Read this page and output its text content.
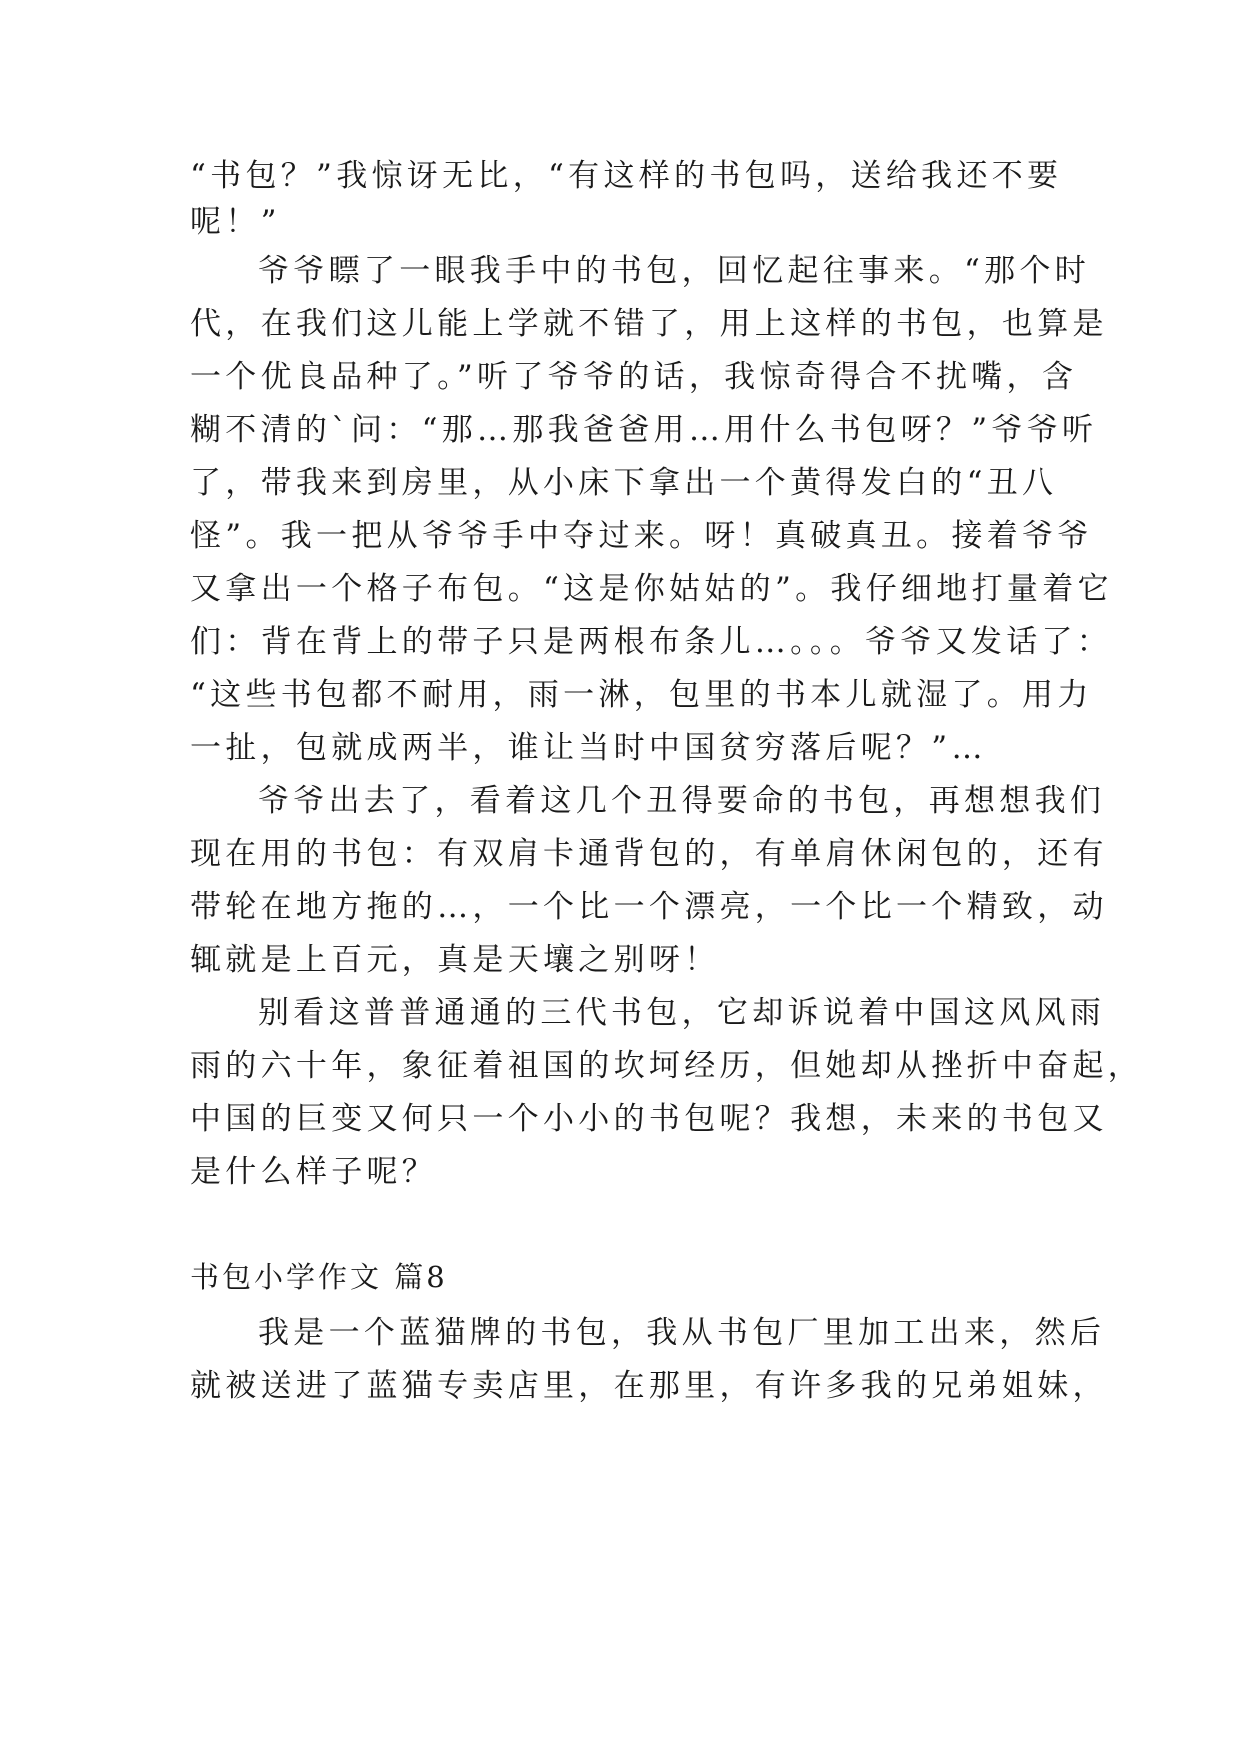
“书包？”我惊讶无比，“有这样的书包吗，送给我还不要
呢！”
爷爷瞟了一眼我手中的书包，回忆起往事来。“那个时
代，在我们这儿能上学就不错了，用上这样的书包，也算是
一个优良品种了。”听了爷爷的话，我惊奇得合不扰嘴，含
糊不清的`问：“那…那我爸爸用…用什么书包呀？”爷爷听
了，带我来到房里，从小床下拿出一个黄得发白的“丑八
怪”。我一把从爷爷手中夺过来。呀！真破真丑。接着爷爷
又拿出一个格子布包。“这是你姑姑的”。我仔细地打量着它
们：背在背上的带子只是两根布条儿…。。。爷爷又发话了：
“这些书包都不耐用，雨一淋，包里的书本儿就湿了。用力
一扯，包就成两半，谁让当时中国贫穷落后呢？”…
爷爷出去了，看着这几个丑得要命的书包，再想想我们
现在用的书包：有双肩卡通背包的，有单肩休闲包的，还有
带轮在地方拖的…，一个比一个漂亮，一个比一个精致，动
辄就是上百元，真是天壤之别呀！
别看这普普通通的三代书包，它却诉说着中国这风风雨
雨的六十年，象征着祖国的坎坷经历，但她却从挫折中奋起，
中国的巨变又何只一个小小的书包呢？我想，未来的书包又
是什么样子呢？
书包小学作文 篇8
我是一个蓝猫牌的书包，我从书包厂里加工出来，然后
就被送进了蓝猫专卖店里，在那里，有许多我的兄弟姐妹，
